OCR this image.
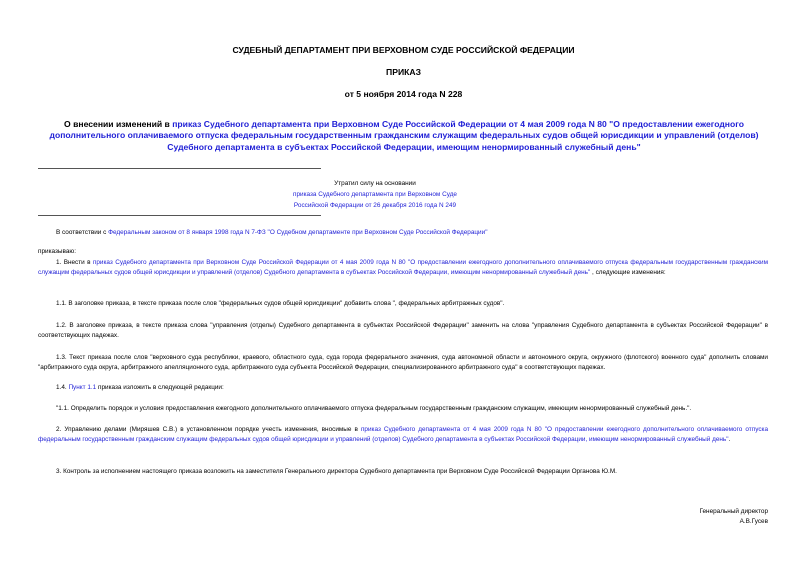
СУДЕБНЫЙ ДЕПАРТАМЕНТ ПРИ ВЕРХОВНОМ СУДЕ РОССИЙСКОЙ ФЕДЕРАЦИИ
ПРИКАЗ
от 5 ноября 2014 года N 228
О внесении изменений в приказ Судебного департамента при Верховном Суде Российской Федерации от 4 мая 2009 года N 80 "О предоставлении ежегодного дополнительного оплачиваемого отпуска федеральным государственным гражданским служащим федеральных судов общей юрисдикции и управлений (отделов) Судебного департамента в субъектах Российской Федерации, имеющим ненормированный служебный день"
Утратил силу на основании
приказа Судебного департамента при Верховном Суде
Российской Федерации от 26 декабря 2016 года N 249
В соответствии с Федеральным законом от 8 января 1998 года N 7-ФЗ "О Судебном департаменте при Верховном Суде Российской Федерации"
приказываю:
1. Внести в приказ Судебного департамента при Верховном Суде Российской Федерации от 4 мая 2009 года N 80 "О предоставлении ежегодного дополнительного оплачиваемого отпуска федеральным государственным гражданским служащим федеральных судов общей юрисдикции и управлений (отделов) Судебного департамента в субъектах Российской Федерации, имеющим ненормированный служебный день" , следующие изменения:
1.1. В заголовке приказа, в тексте приказа после слов "федеральных судов общей юрисдикции" добавить слова ", федеральных арбитражных судов".
1.2. В заголовке приказа, в тексте приказа слова "управления (отделы) Судебного департамента в субъектах Российской Федерации" заменить на слова "управления Судебного департамента в субъектах Российской Федерации" в соответствующих падежах.
1.3. Текст приказа после слов "верховного суда республики, краевого, областного суда, суда города федерального значения, суда автономной области и автономного округа, окружного (флотского) военного суда" дополнить словами "арбитражного суда округа, арбитражного апелляционного суда, арбитражного суда субъекта Российской Федерации, специализированного арбитражного суда" в соответствующих падежах.
1.4. Пункт 1.1 приказа изложить в следующей редакции:
"1.1. Определить порядок и условия предоставления ежегодного дополнительного оплачиваемого отпуска федеральным государственным гражданским служащим, имеющим ненормированный служебный день.".
2. Управлению делами (Миряшев С.В.) в установленном порядке учесть изменения, вносимые в приказ Судебного департамента от 4 мая 2009 года N 80 "О предоставлении ежегодного дополнительного оплачиваемого отпуска федеральным государственным гражданским служащим федеральных судов общей юрисдикции и управлений (отделов) Судебного департамента в субъектах Российской Федерации, имеющим ненормированный служебный день".
3. Контроль за исполнением настоящего приказа возложить на заместителя Генерального директора Судебного департамента при Верховном Суде Российской Федерации Органова Ю.М.
Генеральный директор
А.В.Гусев
